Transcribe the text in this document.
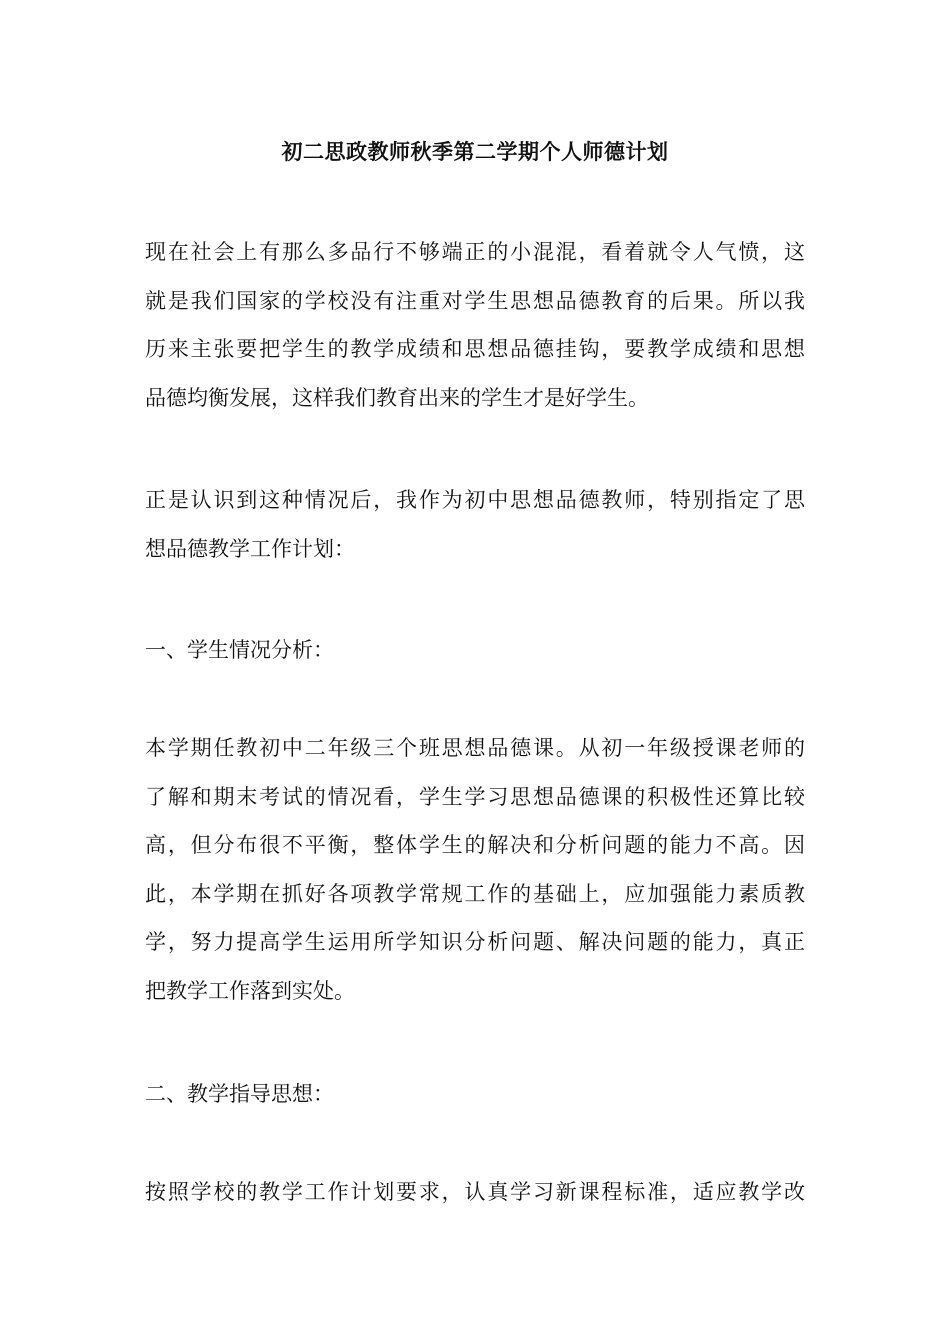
初二思政教师秋季第二学期个人师德计划
现在社会上有那么多品行不够端正的小混混，看着就令人气愤，这
就是我们国家的学校没有注重对学生思想品德教育的后果。所以我
历来主张要把学生的教学成绩和思想品德挂钩，要教学成绩和思想
品德均衡发展，这样我们教育出来的学生才是好学生。
正是认识到这种情况后，我作为初中思想品德教师，特别指定了思
想品德教学工作计划：
一、学生情况分析：
本学期任教初中二年级三个班思想品德课。从初一年级授课老师的
了解和期末考试的情况看，学生学习思想品德课的积极性还算比较
高，但分布很不平衡，整体学生的解决和分析问题的能力不高。因
此，本学期在抓好各项教学常规工作的基础上，应加强能力素质教
学，努力提高学生运用所学知识分析问题、解决问题的能力，真正
把教学工作落到实处。
二、教学指导思想：
按照学校的教学工作计划要求，认真学习新课程标准，适应教学改
